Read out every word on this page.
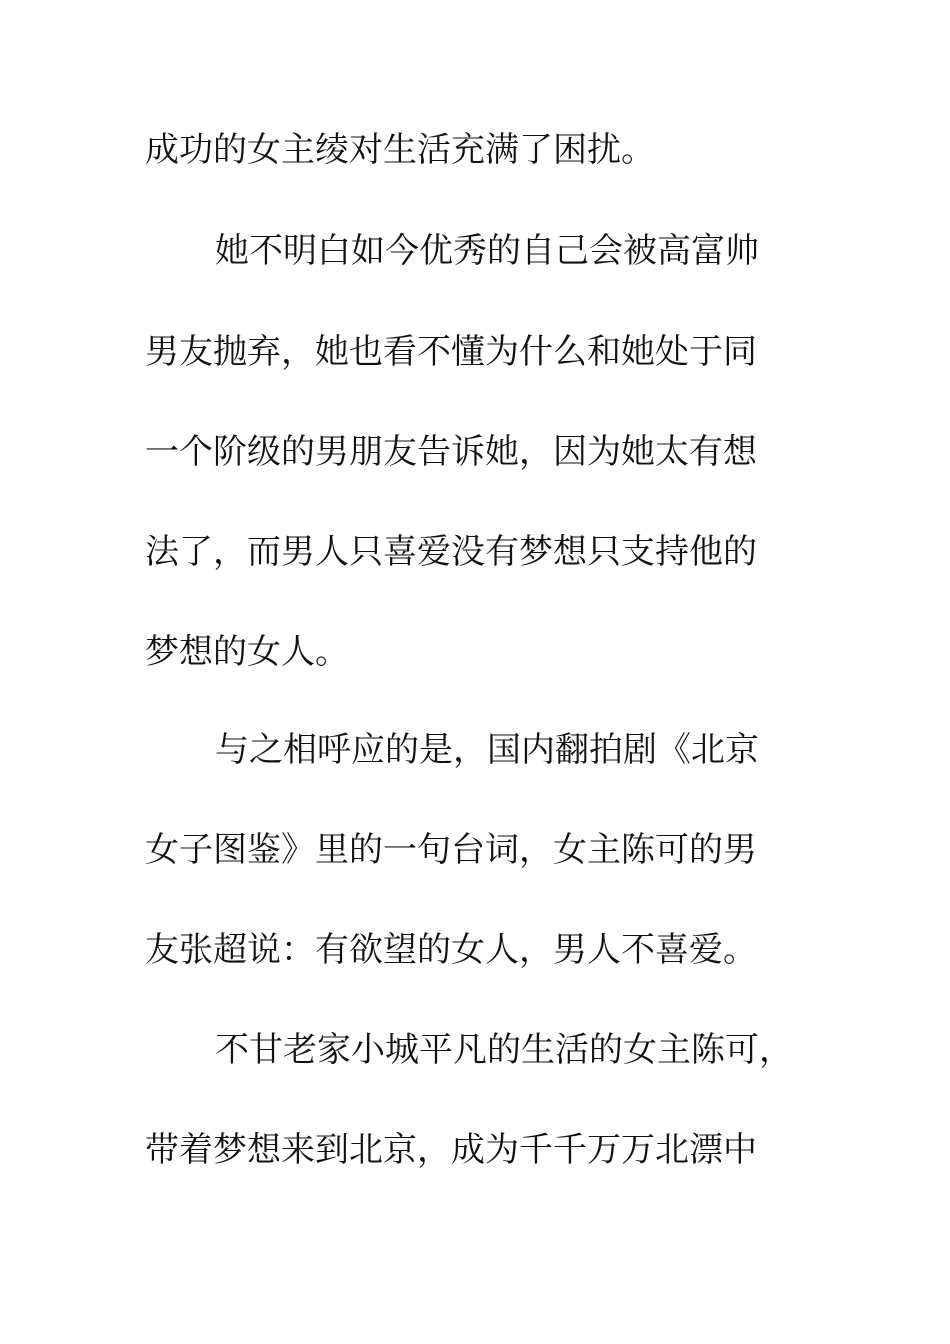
成功的女主绫对生活充满了困扰。
她不明白如今优秀的自己会被高富帅
男友抛弃，她也看不懂为什么和她处于同
一个阶级的男朋友告诉她，因为她太有想
法了，而男人只喜爱没有梦想只支持他的
梦想的女人。
与之相呼应的是，国内翻拍剧《北京
女子图鉴》里的一句台词，女主陈可的男
友张超说：有欲望的女人，男人不喜爱。
不甘老家小城平凡的生活的女主陈可，
带着梦想来到北京，成为千千万万北漂中
